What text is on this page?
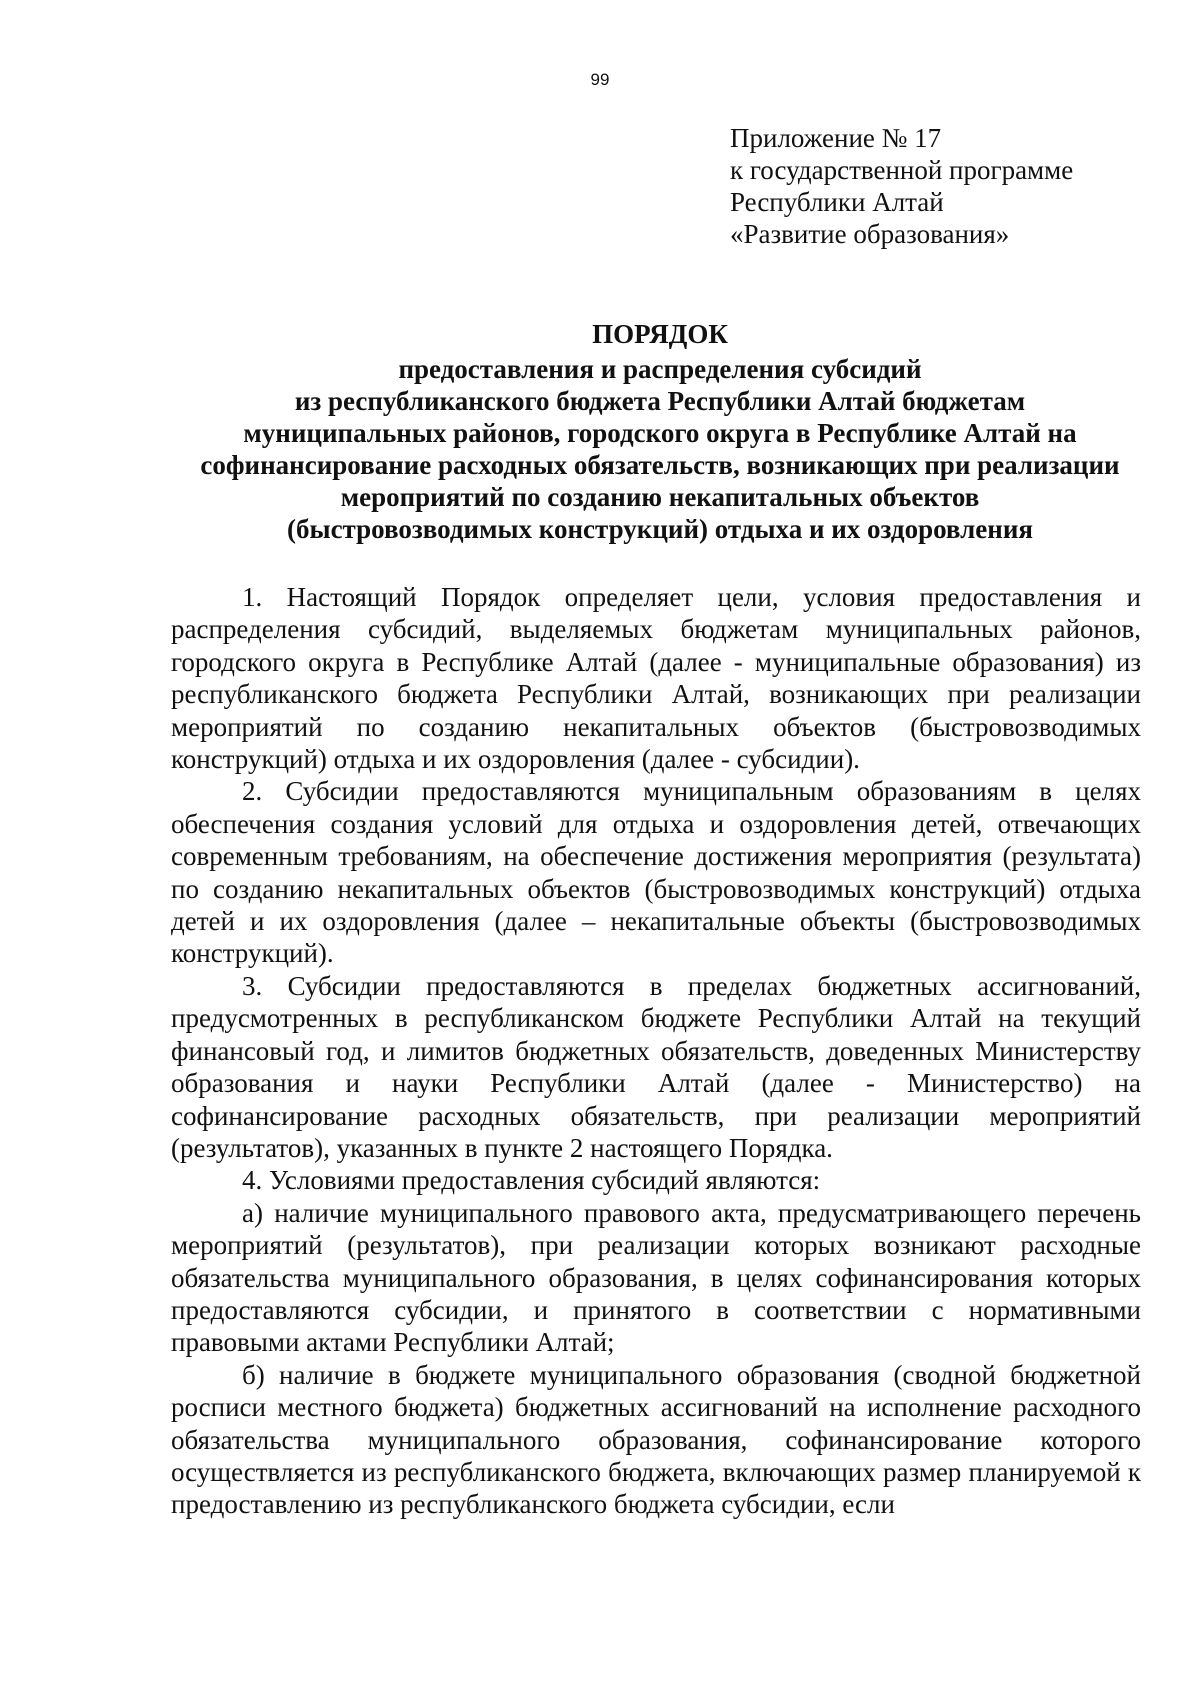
99
Приложение № 17
к государственной программе
Республики Алтай
«Развитие образования»
ПОРЯДОК
предоставления и распределения субсидий
из республиканского бюджета Республики Алтай бюджетам
муниципальных районов, городского округа в Республике Алтай на
софинансирование расходных обязательств, возникающих при реализации
мероприятий по созданию некапитальных объектов
(быстровозводимых конструкций) отдыха и их оздоровления

1. Настоящий Порядок определяет цели, условия предоставления и распределения субсидий, выделяемых бюджетам муниципальных районов, городского округа в Республике Алтай (далее - муниципальные образования) из республиканского бюджета Республики Алтай, возникающих при реализации мероприятий по созданию некапитальных объектов (быстровозводимых конструкций) отдыха и их оздоровления (далее - субсидии).

2. Субсидии предоставляются муниципальным образованиям в целях обеспечения создания условий для отдыха и оздоровления детей, отвечающих современным требованиям, на обеспечение достижения мероприятия (результата) по созданию некапитальных объектов (быстровозводимых конструкций) отдыха детей и их оздоровления (далее – некапитальные объекты (быстровозводимых конструкций).

3. Субсидии предоставляются в пределах бюджетных ассигнований, предусмотренных в республиканском бюджете Республики Алтай на текущий финансовый год, и лимитов бюджетных обязательств, доведенных Министерству образования и науки Республики Алтай (далее - Министерство) на софинансирование расходных обязательств, при реализации мероприятий (результатов), указанных в пункте 2 настоящего Порядка.

4. Условиями предоставления субсидий являются:

а) наличие муниципального правового акта, предусматривающего перечень мероприятий (результатов), при реализации которых возникают расходные обязательства муниципального образования, в целях софинансирования которых предоставляются субсидии, и принятого в соответствии с нормативными правовыми актами Республики Алтай;

б) наличие в бюджете муниципального образования (сводной бюджетной росписи местного бюджета) бюджетных ассигнований на исполнение расходного обязательства муниципального образования, софинансирование которого осуществляется из республиканского бюджета, включающих размер планируемой к предоставлению из республиканского бюджета субсидии, если
